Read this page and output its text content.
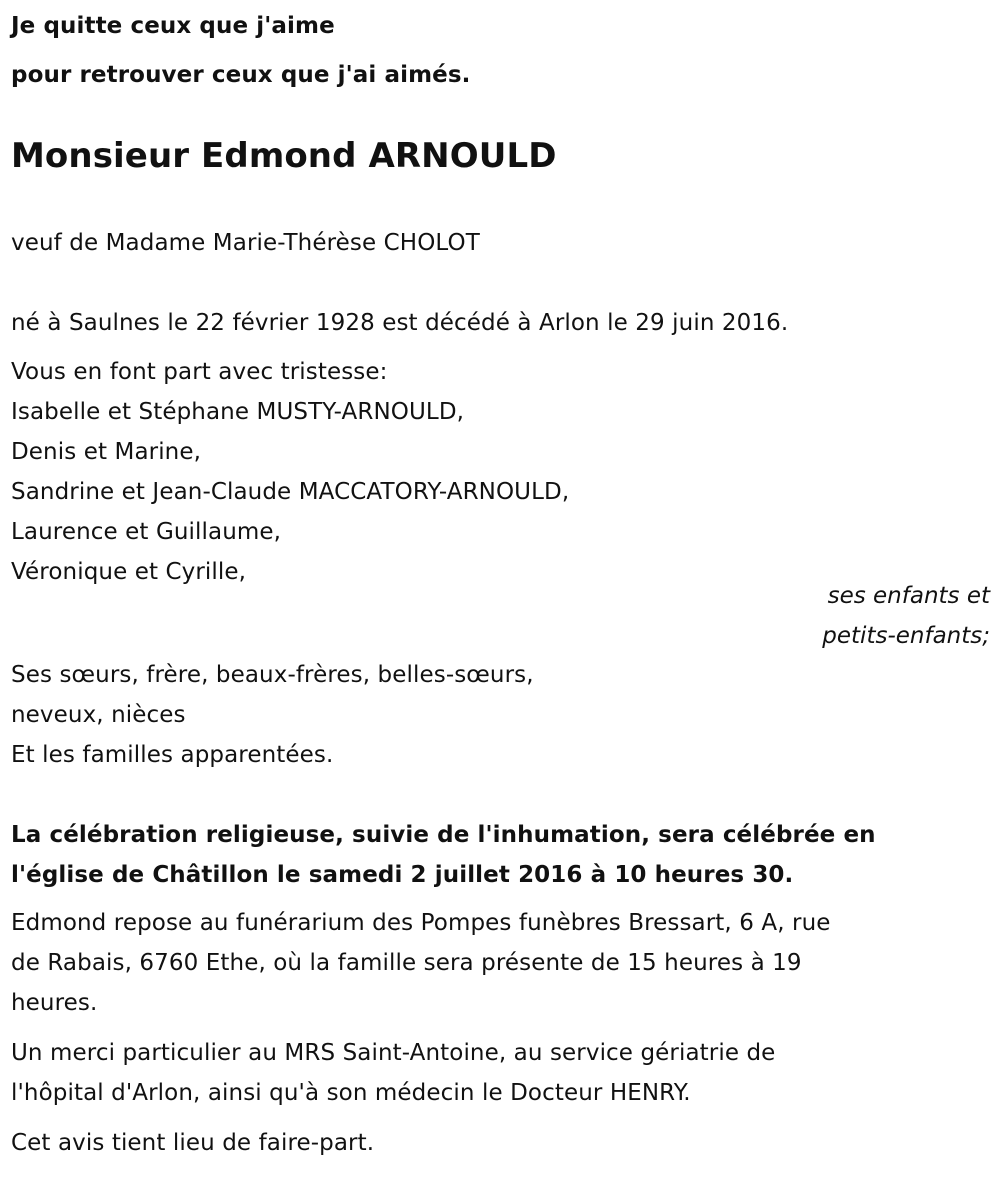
Je quitte ceux que j'aime
pour retrouver ceux que j'ai aimés.
Monsieur Edmond ARNOULD
veuf de Madame Marie-Thérèse CHOLOT
né à Saulnes le 22 février 1928 est décédé à Arlon le 29 juin 2016.
Vous en font part avec tristesse:
Isabelle et Stéphane MUSTY-ARNOULD,
Denis et Marine,
Sandrine et Jean-Claude MACCATORY-ARNOULD,
Laurence et Guillaume,
Véronique et Cyrille,
ses enfants et
petits-enfants;
Ses sœurs, frère, beaux-frères, belles-sœurs,
neveux, nièces
Et les familles apparentées.
La célébration religieuse, suivie de l'inhumation, sera célébrée en
l'église de Châtillon le samedi 2 juillet 2016 à 10 heures 30.
Edmond repose au funérarium des Pompes funèbres Bressart, 6 A, rue
de Rabais, 6760 Ethe, où la famille sera présente de 15 heures à 19
heures.
Un merci particulier au MRS Saint-Antoine, au service gériatrie de
l'hôpital d'Arlon, ainsi qu'à son médecin le Docteur HENRY.
Cet avis tient lieu de faire-part.
